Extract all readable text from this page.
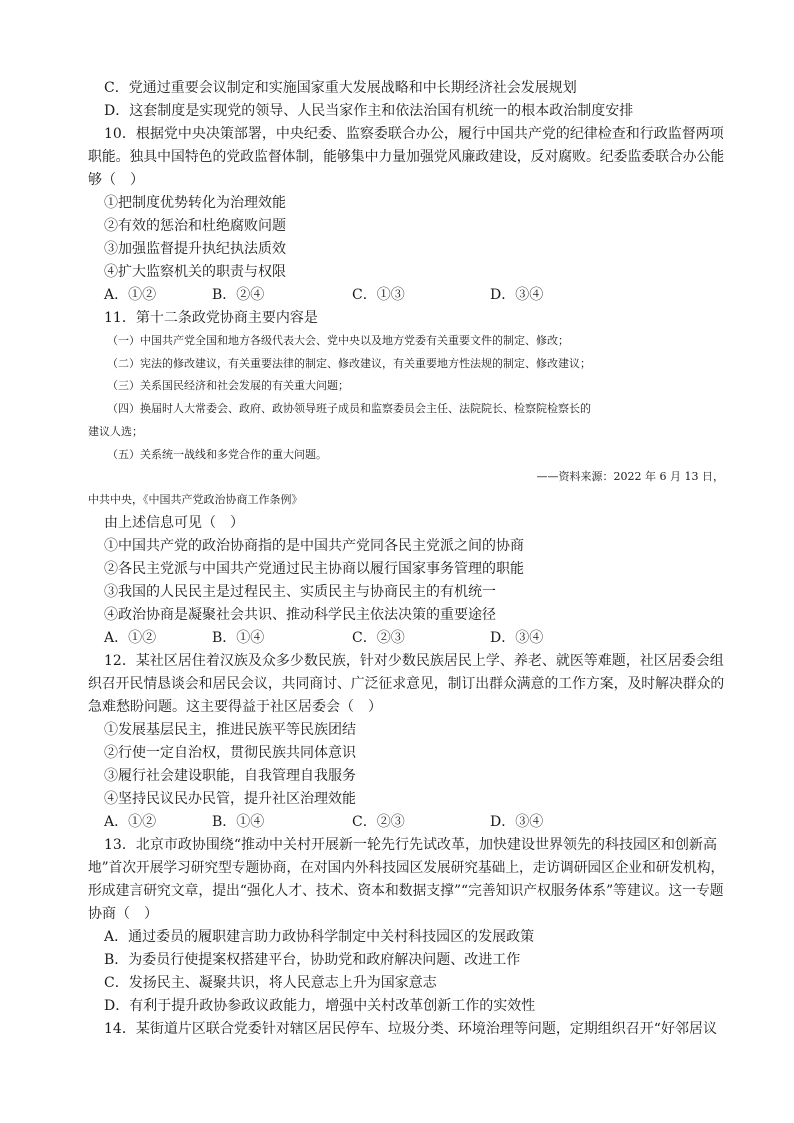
C．党通过重要会议制定和实施国家重大发展战略和中长期经济社会发展规划
D．这套制度是实现党的领导、人民当家作主和依法治国有机统一的根本政治制度安排
10．根据党中央决策部署，中央纪委、监察委联合办公，履行中国共产党的纪律检查和行政监督两项
职能。独具中国特色的党政监督体制，能够集中力量加强党风廉政建设，反对腐败。纪委监委联合办公能
够（　）
①把制度优势转化为治理效能
②有效的惩治和杜绝腐败问题
③加强监督提升执纪执法质效
④扩大监察机关的职责与权限
A．①②	B．②④	C．①③	D．③④
11．第十二条政党协商主要内容是
（一）中国共产党全国和地方各级代表大会、党中央以及地方党委有关重要文件的制定、修改；
（二）宪法的修改建议，有关重要法律的制定、修改建议，有关重要地方性法规的制定、修改建议；
（三）关系国民经济和社会发展的有关重大问题；
（四）换届时人大常委会、政府、政协领导班子成员和监察委员会主任、法院院长、检察院检察长的
建议人选；
（五）关系统一战线和多党合作的重大问题。
——资料来源：2022 年 6 月 13 日，
中共中央，《中国共产党政治协商工作条例》
由上述信息可见（　）
①中国共产党的政治协商指的是中国共产党同各民主党派之间的协商
②各民主党派与中国共产党通过民主协商以履行国家事务管理的职能
③我国的人民民主是过程民主、实质民主与协商民主的有机统一
④政治协商是凝聚社会共识、推动科学民主依法决策的重要途径
A．①②	B．①④	C．②③	D．③④
12．某社区居住着汉族及众多少数民族，针对少数民族居民上学、养老、就医等难题，社区居委会组
织召开民情恳谈会和居民会议，共同商讨、广泛征求意见，制订出群众满意的工作方案，及时解决群众的
急难愁盼问题。这主要得益于社区居委会（　）
①发展基层民主，推进民族平等民族团结
②行使一定自治权，贯彻民族共同体意识
③履行社会建设职能，自我管理自我服务
④坚持民议民办民管，提升社区治理效能
A．①②	B．①④	C．②③	D．③④
13．北京市政协围绕“推动中关村开展新一轮先行先试改革，加快建设世界领先的科技园区和创新高
地”首次开展学习研究型专题协商，在对国内外科技园区发展研究基础上，走访调研园区企业和研发机构，
形成建言研究文章，提出“强化人才、技术、资本和数据支撑”“完善知识产权服务体系”等建议。这一专题
协商（　）
A．通过委员的履职建言助力政协科学制定中关村科技园区的发展政策
B．为委员行使提案权搭建平台，协助党和政府解决问题、改进工作
C．发扬民主、凝聚共识，将人民意志上升为国家意志
D．有利于提升政协参政议政能力，增强中关村改革创新工作的实效性
14．某街道片区联合党委针对辖区居民停车、垃圾分类、环境治理等问题，定期组织召开“好邻居议
